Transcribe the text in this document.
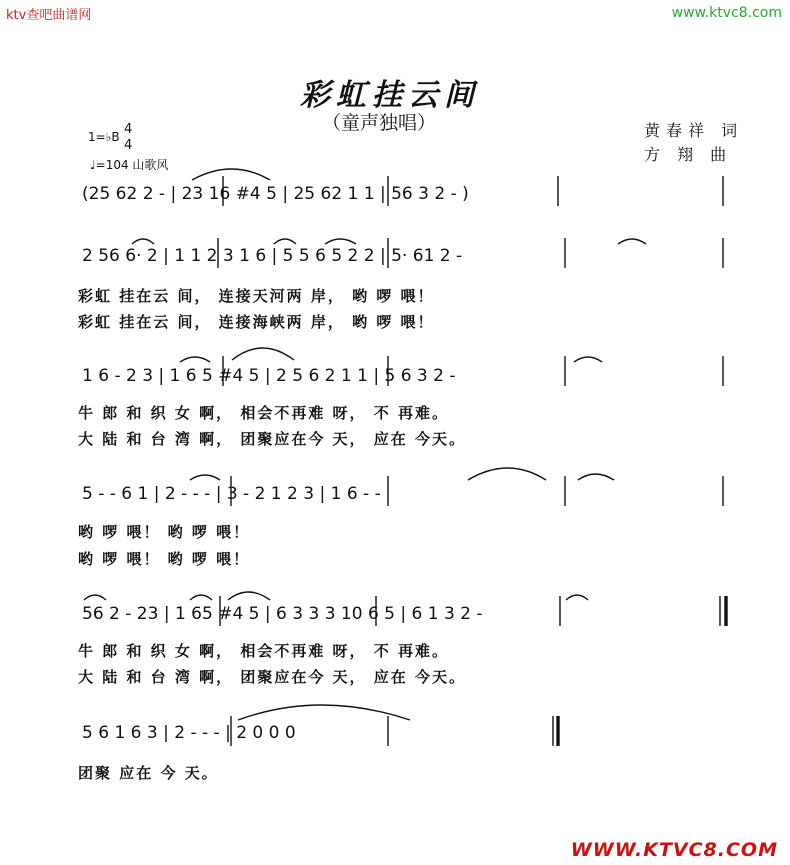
ktv查吧曲谱网	www.ktvc8.com
彩虹挂云间
（童声独唱）	黄春祥 词
方 翔 曲
1=♭B 4
4
♩=104 山歌风
(25 62 2 - | 23 16 #4 5 | 25 62 1 1 | 56 3 2 - )
2 56 6· 2 | 1 1 2 3 1 6 | 5 5 6 5 2 2 | 5· 61 2 -
彩虹 挂在云 间， 连接天河两 岸， 哟 啰 喂！
彩虹 挂在云 间， 连接海峡两 岸， 哟 啰 喂！
1 6 - 2 3 | 1 6 5 #4 5 | 2 5 6 2 1 1 | 5 6 3 2 -
牛 郎 和 织 女 啊， 相会不再难 呀， 不 再难。
大 陆 和 台 湾 啊， 团聚应在今 天， 应在 今天。
5 - - 6 1 | 2 - - - | 3 - 2 1 2 3 | 1 6 - -
哟 啰 喂！ 哟 啰 喂！
哟 啰 喂！ 哟 啰 喂！
56 2 - 23 | 1 65 #4 5 | 6 3 3 3 10 6 5 | 6 1 3 2 -
牛 郎 和 织 女 啊， 相会不再难 呀， 不 再难。
大 陆 和 台 湾 啊， 团聚应在今 天， 应在 今天。
5 6 1 6 3 | 2 - - - | 2 0 0 0
团聚 应在 今 天。
WWW.KTVC8.COM
